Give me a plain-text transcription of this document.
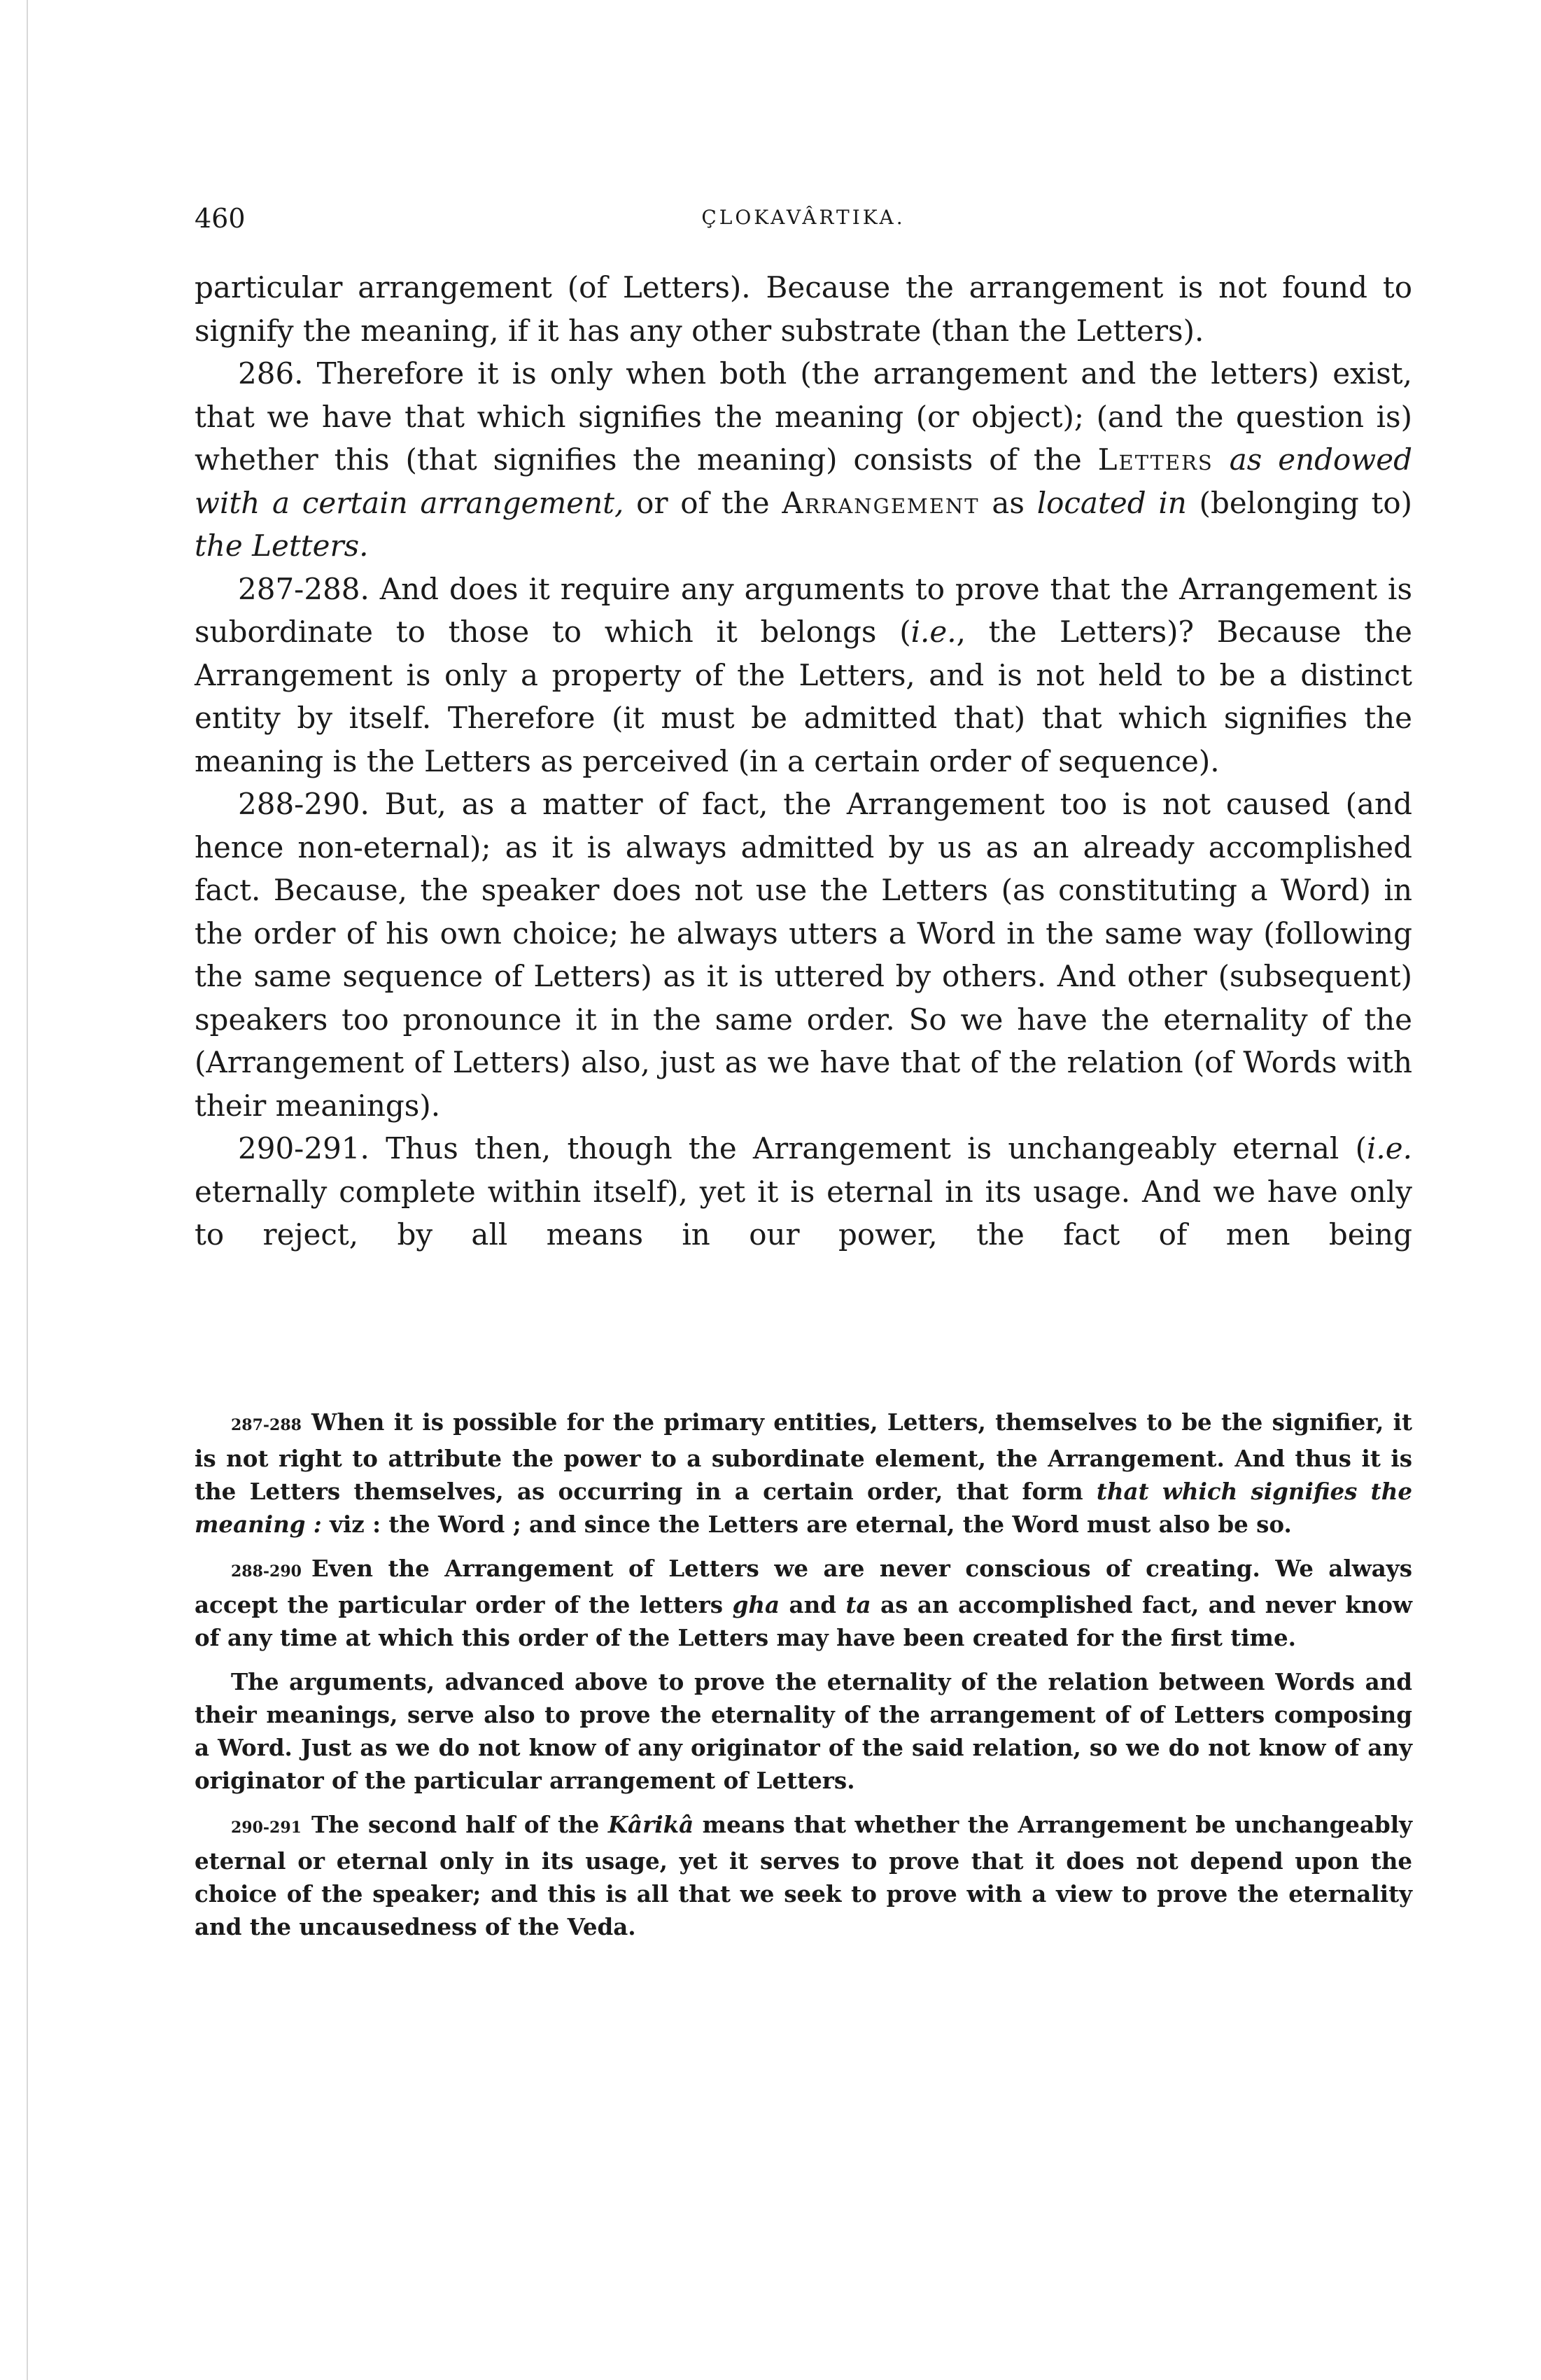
460	ÇLOKAVÂRTIKA.

particular arrangement (of Letters). Because the arrangement is not found to signify the meaning, if it has any other substrate (than the Letters).

286. Therefore it is only when both (the arrangement and the letters) exist, that we have that which signifies the meaning (or object); (and the question is) whether this (that signifies the meaning) consists of the Letters as endowed with a certain arrangement, or of the Arrangement as located in (belonging to) the Letters.

287-288. And does it require any arguments to prove that the Arrangement is subordinate to those to which it belongs (i.e., the Letters)? Because the Arrangement is only a property of the Letters, and is not held to be a distinct entity by itself. Therefore (it must be admitted that) that which signifies the meaning is the Letters as perceived (in a certain order of sequence).

288-290. But, as a matter of fact, the Arrangement too is not caused (and hence non-eternal); as it is always admitted by us as an already accomplished fact. Because, the speaker does not use the Letters (as constituting a Word) in the order of his own choice; he always utters a Word in the same way (following the same sequence of Letters) as it is uttered by others. And other (subsequent) speakers too pronounce it in the same order. So we have the eternality of the (Arrangement of Letters) also, just as we have that of the relation (of Words with their meanings).

290-291. Thus then, though the Arrangement is unchangeably eternal (i.e. eternally complete within itself), yet it is eternal in its usage. And we have only to reject, by all means in our power, the fact of men being

287-288 When it is possible for the primary entities, Letters, themselves to be the signifier, it is not right to attribute the power to a subordinate element, the Arrangement. And thus it is the Letters themselves, as occurring in a certain order, that form that which signifies the meaning : viz : the Word ; and since the Letters are eternal, the Word must also be so.

288-290 Even the Arrangement of Letters we are never conscious of creating. We always accept the particular order of the letters gha and ta as an accomplished fact, and never know of any time at which this order of the Letters may have been created for the first time.

The arguments, advanced above to prove the eternality of the relation between Words and their meanings, serve also to prove the eternality of the arrangement of of Letters composing a Word. Just as we do not know of any originator of the said relation, so we do not know of any originator of the particular arrangement of Letters.

290-291 The second half of the Kârikâ means that whether the Arrangement be unchangeably eternal or eternal only in its usage, yet it serves to prove that it does not depend upon the choice of the speaker; and this is all that we seek to prove with a view to prove the eternality and the uncausedness of the Veda.
